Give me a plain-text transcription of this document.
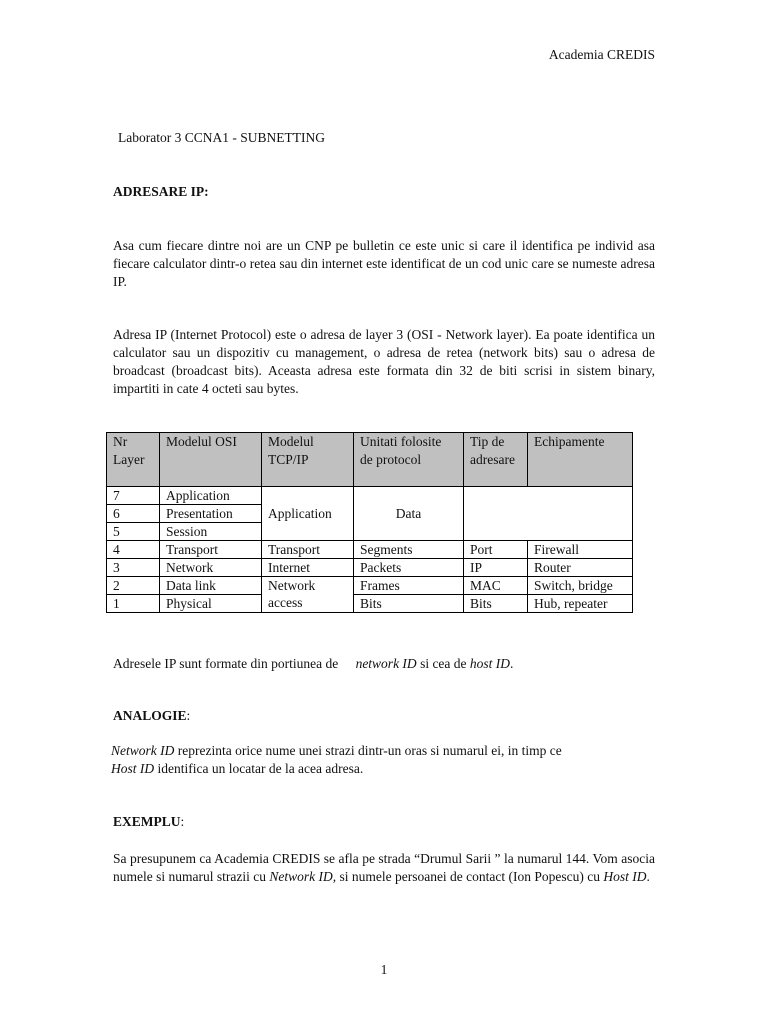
Academia CREDIS
Laborator 3 CCNA1 - SUBNETTING
ADRESARE IP:
Asa cum fiecare dintre noi are un CNP pe bulletin ce este unic si care il identifica pe individ asa fiecare calculator dintr-o retea sau din internet este identificat de un cod unic care se numeste adresa IP.
Adresa IP (Internet Protocol) este o adresa de layer 3 (OSI - Network layer). Ea poate identifica un calculator sau un dispozitiv cu management, o adresa de retea (network bits) sau o adresa de broadcast (broadcast bits). Aceasta adresa este formata din 32 de biti scrisi in sistem binary, impartiti in cate 4 octeti sau bytes.
Nr Layer	Modelul OSI	Modelul TCP/IP	Unitati folosite de protocol	Tip de adresare	Echipamente
7	Application	Application	Data		
6	Presentation				
5	Session				
4	Transport	Transport	Segments	Port	Firewall
3	Network	Internet	Packets	IP	Router
2	Data link	Network access	Frames	MAC	Switch, bridge
1	Physical		Bits	Bits	Hub, repeater
Adresele IP sunt formate din portiunea de network ID si cea de host ID.
ANALOGIE:
Network ID reprezinta orice nume unei strazi dintr-un oras si numarul ei, in timp ce
Host ID identifica un locatar de la acea adresa.
EXEMPLU:
Sa presupunem ca Academia CREDIS se afla pe strada “Drumul Sarii ” la numarul 144. Vom asocia numele si numarul strazii cu Network ID, si numele persoanei de contact (Ion Popescu) cu Host ID.
1
